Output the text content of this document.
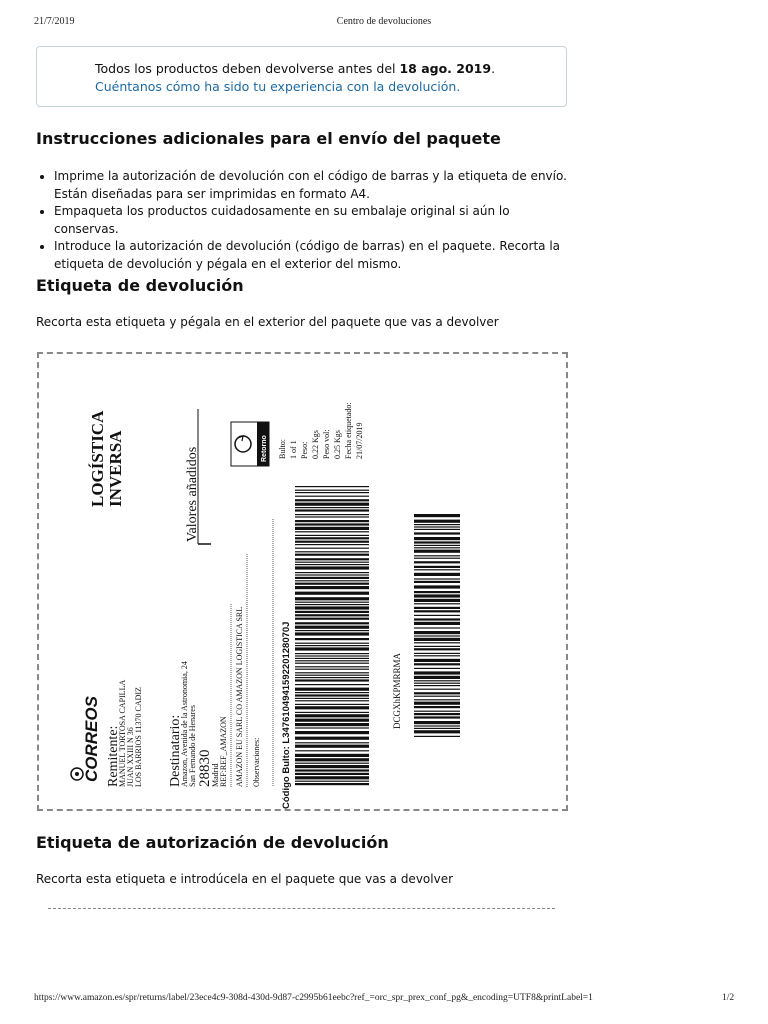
21/7/2019	Centro de devoluciones
Todos los productos deben devolverse antes del 18 ago. 2019.
Cuéntanos cómo ha sido tu experiencia con la devolución.
Instrucciones adicionales para el envío del paquete
• Imprime la autorización de devolución con el código de barras y la etiqueta de envío. Están diseñadas para ser imprimidas en formato A4.
• Empaqueta los productos cuidadosamente en su embalaje original si aún lo conservas.
• Introduce la autorización de devolución (código de barras) en el paquete. Recorta la etiqueta de devolución y pégala en el exterior del mismo.
Etiqueta de devolución
Recorta esta etiqueta y pégala en el exterior del paquete que vas a devolver
LOGÍSTICA INVERSA	Valores añadidos	Retorno
CORREOS Remitente:
MANUEL TORTOSA CAPILLA JUAN XXIII N 36 LOS BARRIOS 11370 CADIZ Destinatario:
Amazon, Avenida de la Astronomia, 24 San Fernando de Henares 28830
Madrid REF:REF_AMAZON AMAZON EU SARL CO AMAZON LOGISTICA SRL Observaciones: Código Bulto: L347610494159220128070J
Bulto: 1 of 1 Peso: 0.22 Kgs Peso vol: 0.25 Kgs Fecha etiquetado: 21/07/2019
DCGXhKPMRRMA
Etiqueta de autorización de devolución
Recorta esta etiqueta e introdúcela en el paquete que vas a devolver
https://www.amazon.es/spr/returns/label/23ece4c9-308d-430d-9d87-c2995b61eebc?ref_=orc_spr_prex_conf_pg&_encoding=UTF8&printLabel=1	1/2
